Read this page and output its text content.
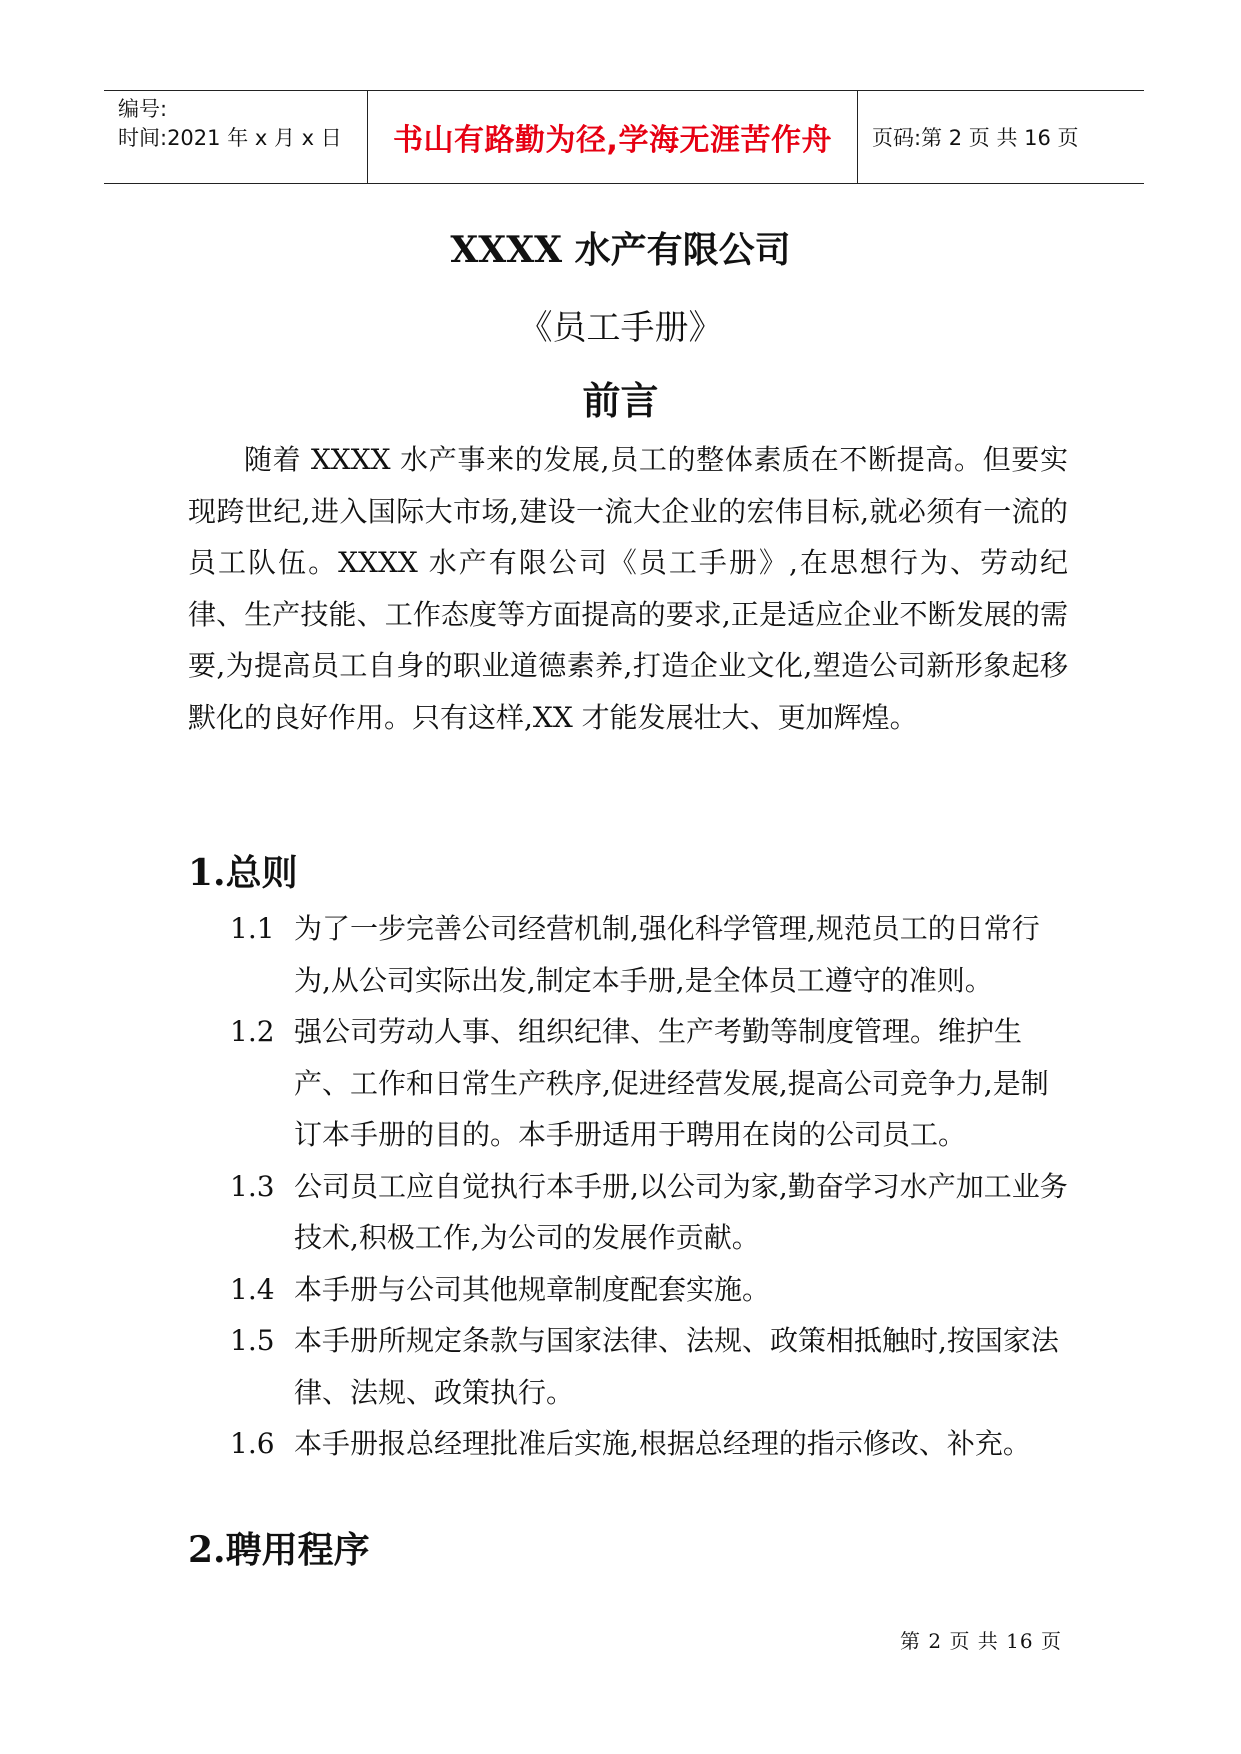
编号:
时间:2021 年 x 月 x 日	书山有路勤为径,学海无涯苦作舟	页码:第 2 页 共 16 页
XXXX 水产有限公司
《员工手册》
前言

随着 XXXX 水产事来的发展,员工的整体素质在不断提高。但要实现跨世纪,进入国际大市场,建设一流大企业的宏伟目标,就必须有一流的员工队伍。XXXX 水产有限公司《员工手册》,在思想行为、劳动纪律、生产技能、工作态度等方面提高的要求,正是适应企业不断发展的需要,为提高员工自身的职业道德素养,打造企业文化,塑造公司新形象起移默化的良好作用。只有这样,XX 才能发展壮大、更加辉煌。

1.总则
1.1 为了一步完善公司经营机制,强化科学管理,规范员工的日常行为,从公司实际出发,制定本手册,是全体员工遵守的准则。
1.2 强公司劳动人事、组织纪律、生产考勤等制度管理。维护生产、工作和日常生产秩序,促进经营发展,提高公司竞争力,是制订本手册的目的。本手册适用于聘用在岗的公司员工。
1.3 公司员工应自觉执行本手册,以公司为家,勤奋学习水产加工业务技术,积极工作,为公司的发展作贡献。
1.4 本手册与公司其他规章制度配套实施。
1.5 本手册所规定条款与国家法律、法规、政策相抵触时,按国家法律、法规、政策执行。
1.6 本手册报总经理批准后实施,根据总经理的指示修改、补充。
2.聘用程序
第 2 页 共 16 页
